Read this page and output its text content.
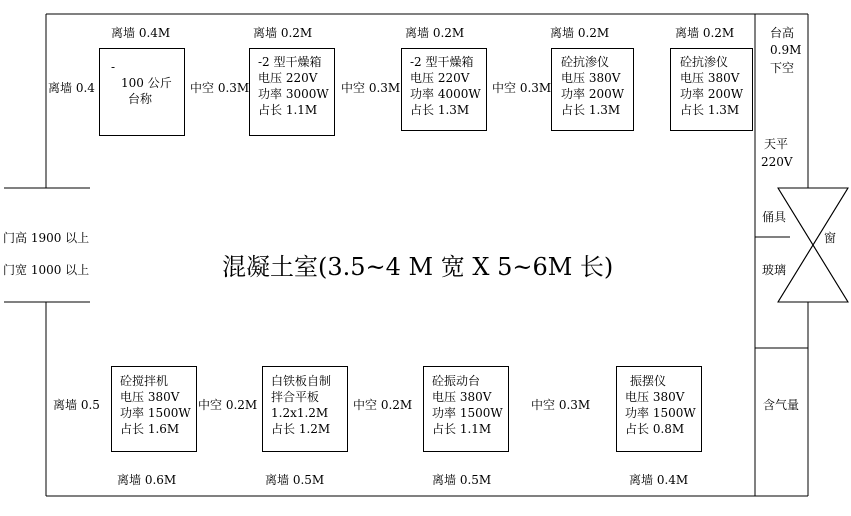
混凝土室(3.5~4 M 宽 X 5~6M 长)
门高 1900 以上
门宽 1000 以上
离墙 0.4M	离墙 0.2M	离墙 0.2M	离墙 0.2M	离墙 0.2M
离墙 0.4	中空 0.3M	中空 0.3M	中空 0.3M
-
100 公斤
台称
-2 型干燥箱
电压 220V
功率 3000W
占长 1.1M
-2 型干燥箱
电压 220V
功率 4000W
占长 1.3M
砼抗渗仪
电压 380V
功率 200W
占长 1.3M
砼抗渗仪
电压 380V
功率 200W
占长 1.3M
台高
0.9M
下空
天平
220V
俑具
玻璃
窗
含气量
离墙 0.5	中空 0.2M	中空 0.2M	中空 0.3M
砼搅拌机
电压 380V
功率 1500W
占长 1.6M
白铁板自制
拌合平板
1.2x1.2M
占长 1.2M
砼振动台
电压 380V
功率 1500W
占长 1.1M
振摆仪
电压 380V
功率 1500W
占长 0.8M
离墙 0.6M	离墙 0.5M	离墙 0.5M	离墙 0.4M
